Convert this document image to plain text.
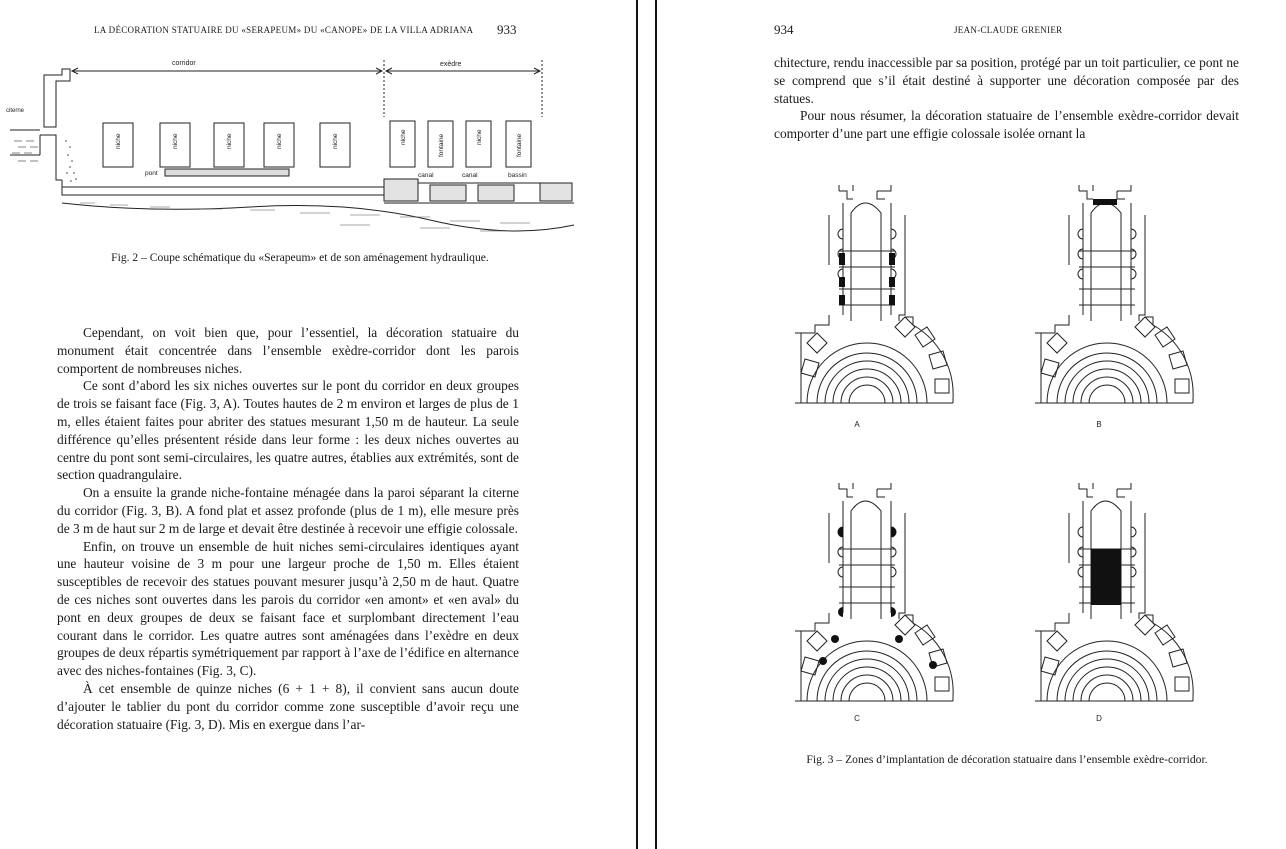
LA DÉCORATION STATUAIRE DU «SERAPEUM» DU «CANOPE» DE LA VILLA ADRIANA 933
corridor	exèdre
citerne
pont
niche	niche	niche	niche	niche	niche	fontaine	niche	fontaine
canal	canal	bassin
Fig. 2 – Coupe schématique du «Serapeum» et de son aménagement hydraulique.

Cependant, on voit bien que, pour l’essentiel, la décoration statuaire du monument était concentrée dans l’ensemble exèdre-corridor dont les parois comportent de nombreuses niches.

Ce sont d’abord les six niches ouvertes sur le pont du corridor en deux groupes de trois se faisant face (Fig. 3, A). Toutes hautes de 2 m environ et larges de plus de 1 m, elles étaient faites pour abriter des statues mesurant 1,50 m de hauteur. La seule différence qu’elles présentent réside dans leur forme : les deux niches ouvertes au centre du pont sont semi-circulaires, les quatre autres, établies aux extrémités, sont de section quadrangulaire.

On a ensuite la grande niche-fontaine ménagée dans la paroi séparant la citerne du corridor (Fig. 3, B). A fond plat et assez profonde (plus de 1 m), elle mesure près de 3 m de haut sur 2 m de large et devait être destinée à recevoir une effigie colossale.

Enfin, on trouve un ensemble de huit niches semi-circulaires identiques ayant une hauteur voisine de 3 m pour une largeur proche de 1,50 m. Elles étaient susceptibles de recevoir des statues pouvant mesurer jusqu’à 2,50 m de haut. Quatre de ces niches sont ouvertes dans les parois du corridor «en amont» et «en aval» du pont en deux groupes de deux se faisant face et surplombant directement l’eau courant dans le corridor. Les quatre autres sont aménagées dans l’exèdre en deux groupes de deux répartis symétriquement par rapport à l’axe de l’édifice en alternance avec des niches-fontaines (Fig. 3, C).

À cet ensemble de quinze niches (6 + 1 + 8), il convient sans aucun doute d’ajouter le tablier du pont du corridor comme zone susceptible d’avoir reçu une décoration statuaire (Fig. 3, D). Mis en exergue dans l’ar-

934	JEAN-CLAUDE GRENIER

chitecture, rendu inaccessible par sa position, protégé par un toit particulier, ce pont ne se comprend que s’il était destiné à supporter une décoration composée par des statues.

Pour nous résumer, la décoration statuaire de l’ensemble exèdre-corridor devait comporter d’une part une effigie colossale isolée ornant la

A	B
C	D
Fig. 3 – Zones d’implantation de décoration statuaire dans l’ensemble exèdre-corridor.
